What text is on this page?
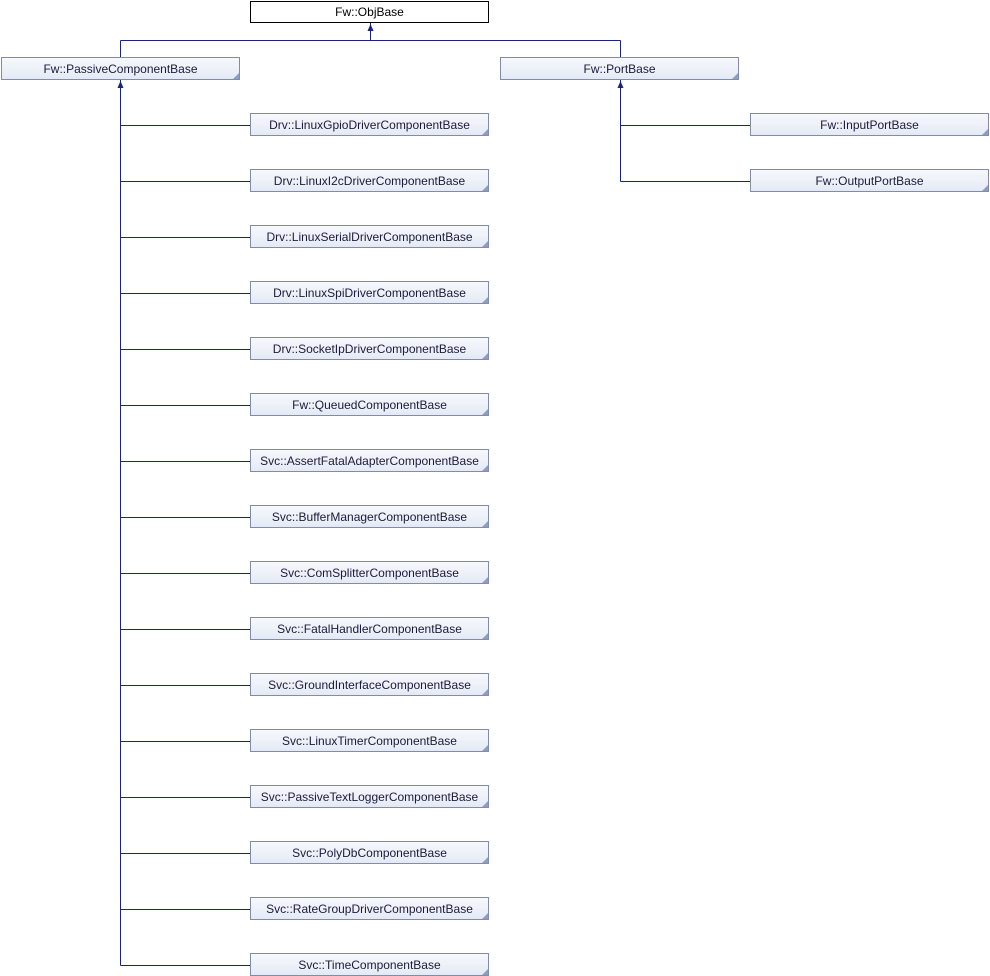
Fw::ObjBase
Fw::PassiveComponentBase	Fw::PortBase
Drv::LinuxGpioDriverComponentBase
Drv::LinuxI2cDriverComponentBase
Drv::LinuxSerialDriverComponentBase
Drv::LinuxSpiDriverComponentBase
Drv::SocketIpDriverComponentBase
Fw::QueuedComponentBase
Svc::AssertFatalAdapterComponentBase
Svc::BufferManagerComponentBase
Svc::ComSplitterComponentBase
Svc::FatalHandlerComponentBase
Svc::GroundInterfaceComponentBase
Svc::LinuxTimerComponentBase
Svc::PassiveTextLoggerComponentBase
Svc::PolyDbComponentBase
Svc::RateGroupDriverComponentBase
Svc::TimeComponentBase
Fw::InputPortBase
Fw::OutputPortBase
